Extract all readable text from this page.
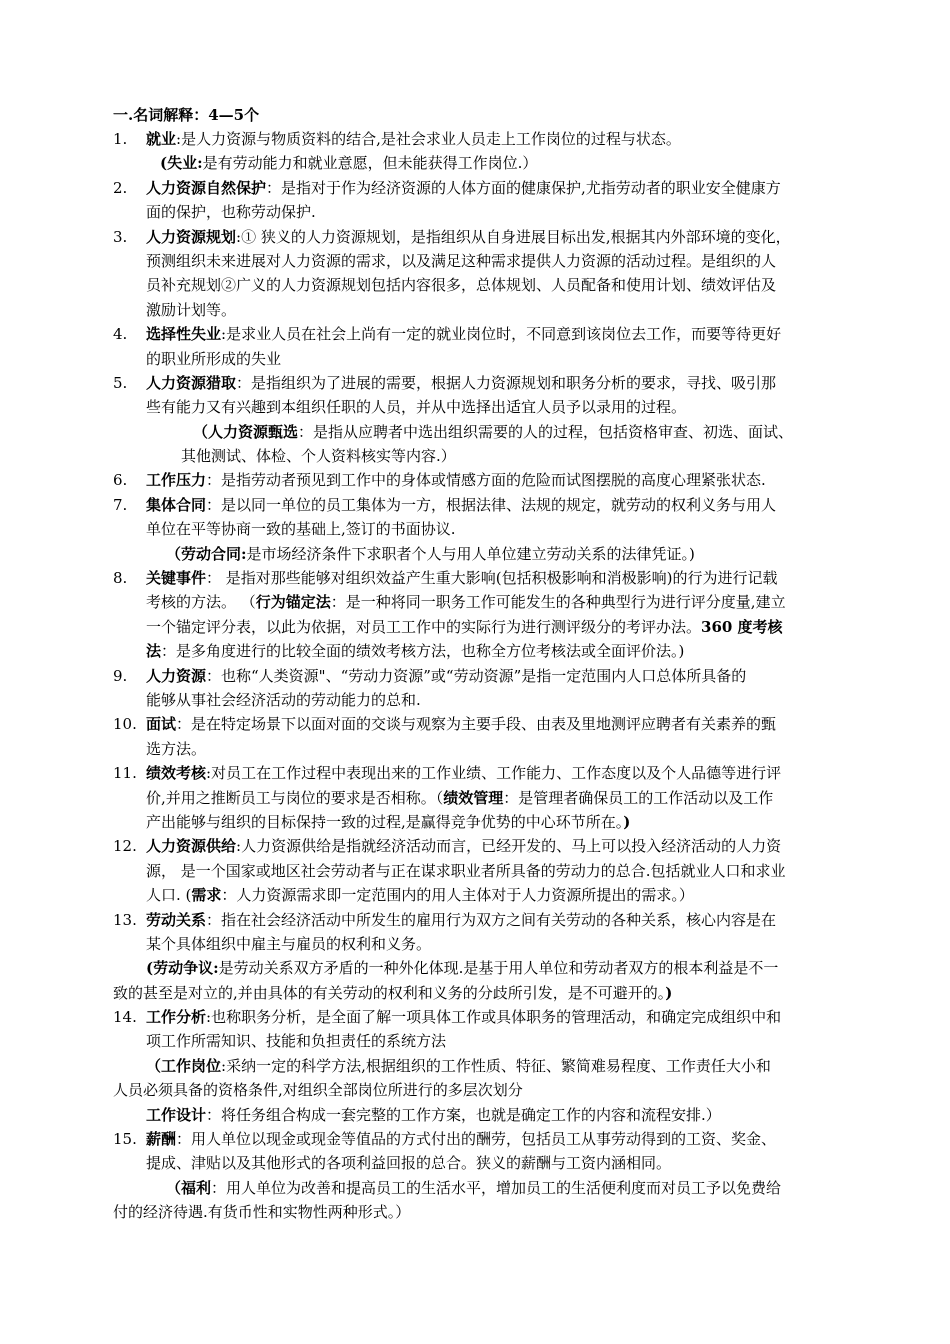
一.名词解释：4—5个
1.	就业:是人力资源与物质资料的结合,是社会求业人员走上工作岗位的过程与状态。
(失业:是有劳动能力和就业意愿，但未能获得工作岗位.）
2.	人力资源自然保护：是指对于作为经济资源的人体方面的健康保护,尤指劳动者的职业安全健康方
面的保护，也称劳动保护.
3.	人力资源规划:① 狭义的人力资源规划，是指组织从自身进展目标出发,根据其内外部环境的变化，
预测组织未来进展对人力资源的需求，以及满足这种需求提供人力资源的活动过程。是组织的人
员补充规划②广义的人力资源规划包括内容很多，总体规划、人员配备和使用计划、绩效评估及
激励计划等。
4.	选择性失业:是求业人员在社会上尚有一定的就业岗位时，不同意到该岗位去工作，而要等待更好
的职业所形成的失业
5.	人力资源猎取：是指组织为了进展的需要，根据人力资源规划和职务分析的要求，寻找、吸引那
些有能力又有兴趣到本组织任职的人员，并从中选择出适宜人员予以录用的过程。
（人力资源甄选：是指从应聘者中选出组织需要的人的过程，包括资格审查、初选、面试、
其他测试、体检、个人资料核实等内容.）
6.	工作压力：是指劳动者预见到工作中的身体或情感方面的危险而试图摆脱的高度心理紧张状态.
7.	集体合同：是以同一单位的员工集体为一方，根据法律、法规的规定，就劳动的权利义务与用人
单位在平等协商一致的基础上,签订的书面协议.
（劳动合同:是市场经济条件下求职者个人与用人单位建立劳动关系的法律凭证。)
8.	关键事件： 是指对那些能够对组织效益产生重大影响(包括积极影响和消极影响)的行为进行记载
考核的方法。 （行为锚定法：是一种将同一职务工作可能发生的各种典型行为进行评分度量,建立
一个锚定评分表，以此为依据，对员工工作中的实际行为进行测评级分的考评办法。360 度考核
法：是多角度进行的比较全面的绩效考核方法，也称全方位考核法或全面评价法。)
9.	人力资源：也称“人类资源"、“劳动力资源”或“劳动资源”是指一定范围内人口总体所具备的
能够从事社会经济活动的劳动能力的总和.
10. 面试：是在特定场景下以面对面的交谈与观察为主要手段、由表及里地测评应聘者有关素养的甄
选方法。
11. 绩效考核:对员工在工作过程中表现出来的工作业绩、工作能力、工作态度以及个人品德等进行评
价,并用之推断员工与岗位的要求是否相称。（绩效管理：是管理者确保员工的工作活动以及工作
产出能够与组织的目标保持一致的过程,是赢得竞争优势的中心环节所在。)
12. 人力资源供给:人力资源供给是指就经济活动而言，已经开发的、马上可以投入经济活动的人力资
源， 是一个国家或地区社会劳动者与正在谋求职业者所具备的劳动力的总合.包括就业人口和求业
人口. (需求：人力资源需求即一定范围内的用人主体对于人力资源所提出的需求。）
13. 劳动关系：指在社会经济活动中所发生的雇用行为双方之间有关劳动的各种关系，核心内容是在
某个具体组织中雇主与雇员的权利和义务。
(劳动争议:是劳动关系双方矛盾的一种外化体现.是基于用人单位和劳动者双方的根本利益是不一
致的甚至是对立的,并由具体的有关劳动的权利和义务的分歧所引发，是不可避开的。)
14. 工作分析:也称职务分析，是全面了解一项具体工作或具体职务的管理活动，和确定完成组织中和
项工作所需知识、技能和负担责任的系统方法
（工作岗位:采纳一定的科学方法,根据组织的工作性质、特征、繁简难易程度、工作责任大小和
人员必须具备的资格条件,对组织全部岗位所进行的多层次划分
工作设计：将任务组合构成一套完整的工作方案，也就是确定工作的内容和流程安排.）
15. 薪酬：用人单位以现金或现金等值品的方式付出的酬劳，包括员工从事劳动得到的工资、奖金、
提成、津贴以及其他形式的各项利益回报的总合。狭义的薪酬与工资内涵相同。
（福利：用人单位为改善和提高员工的生活水平，增加员工的生活便利度而对员工予以免费给
付的经济待遇.有货币性和实物性两种形式。）
